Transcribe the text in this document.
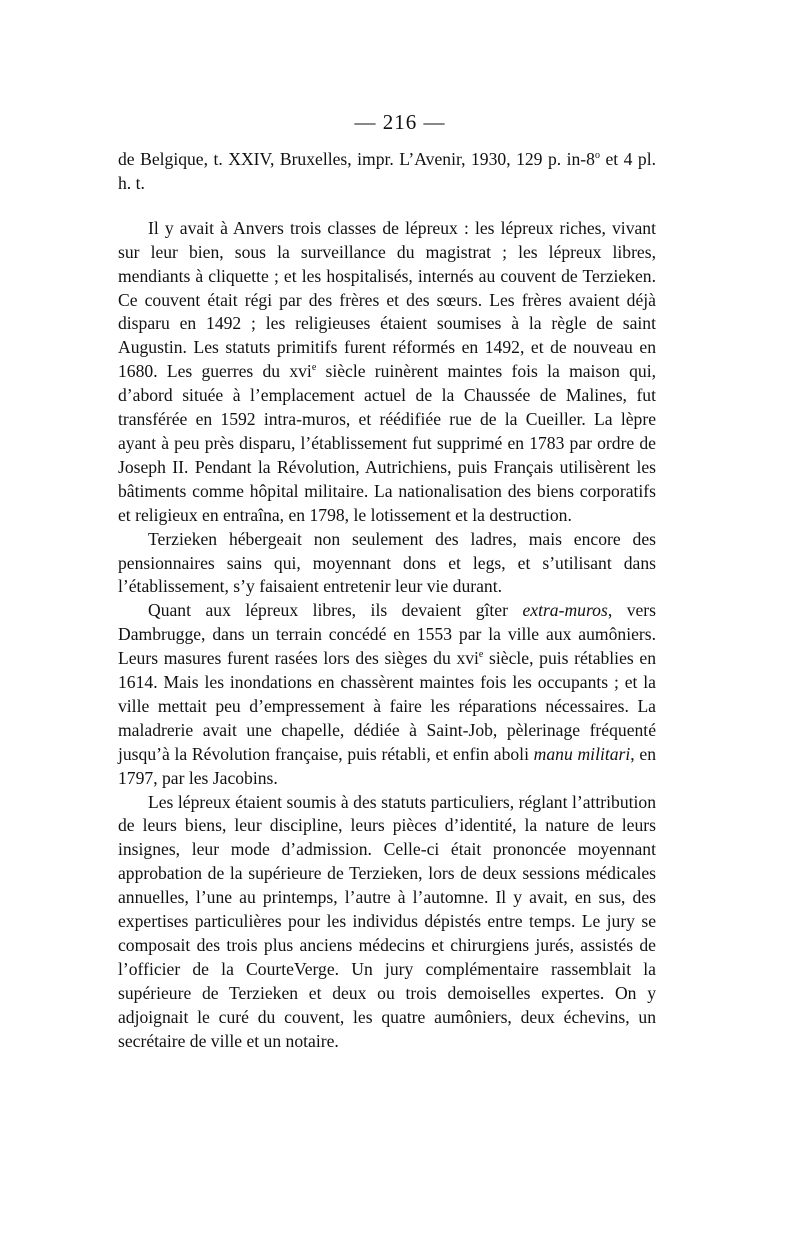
— 216 —

de Belgique, t. XXIV, Bruxelles, impr. L’Avenir, 1930, 129 p. in-8$^o$ et 4 pl. h. t.

Il y avait à Anvers trois classes de lépreux : les lépreux riches, vivant sur leur bien, sous la surveillance du magistrat ; les lépreux libres, mendiants à cliquette ; et les hospitalisés, internés au couvent de Terzieken. Ce couvent était régi par des frères et des sœurs. Les frères avaient déjà disparu en 1492 ; les religieuses étaient soumises à la règle de saint Augustin. Les statuts primitifs furent réformés en 1492, et de nouveau en 1680. Les guerres du xvi$^e$ siècle ruinèrent maintes fois la maison qui, d’abord située à l’emplacement actuel de la Chaussée de Malines, fut transférée en 1592 intra-muros, et réédifiée rue de la Cueiller. La lèpre ayant à peu près disparu, l’établissement fut supprimé en 1783 par ordre de Joseph II. Pendant la Révolution, Autrichiens, puis Français utilisèrent les bâtiments comme hôpital militaire. La nationalisation des biens corporatifs et religieux en entraîna, en 1798, le lotissement et la destruction.

Terzieken hébergeait non seulement des ladres, mais encore des pensionnaires sains qui, moyennant dons et legs, et s’utilisant dans l’établissement, s’y faisaient entretenir leur vie durant.

Quant aux lépreux libres, ils devaient gîter extra-muros, vers Dambrugge, dans un terrain concédé en 1553 par la ville aux aumôniers. Leurs masures furent rasées lors des sièges du xvi$^e$ siècle, puis rétablies en 1614. Mais les inondations en chassèrent maintes fois les occupants ; et la ville mettait peu d’empressement à faire les réparations nécessaires. La maladrerie avait une chapelle, dédiée à Saint-Job, pèlerinage fréquenté jusqu’à la Révolution française, puis rétabli, et enfin aboli manu militari, en 1797, par les Jacobins.

Les lépreux étaient soumis à des statuts particuliers, réglant l’attribution de leurs biens, leur discipline, leurs pièces d’identité, la nature de leurs insignes, leur mode d’admission. Celle-ci était prononcée moyennant approbation de la supérieure de Terzieken, lors de deux sessions médicales annuelles, l’une au printemps, l’autre à l’automne. Il y avait, en sus, des expertises particulières pour les individus dépistés entre temps. Le jury se composait des trois plus anciens médecins et chirurgiens jurés, assistés de l’officier de la CourteVerge. Un jury complémentaire rassemblait la supérieure de Terzieken et deux ou trois demoiselles expertes. On y adjoignait le curé du couvent, les quatre aumôniers, deux échevins, un secrétaire de ville et un notaire.
